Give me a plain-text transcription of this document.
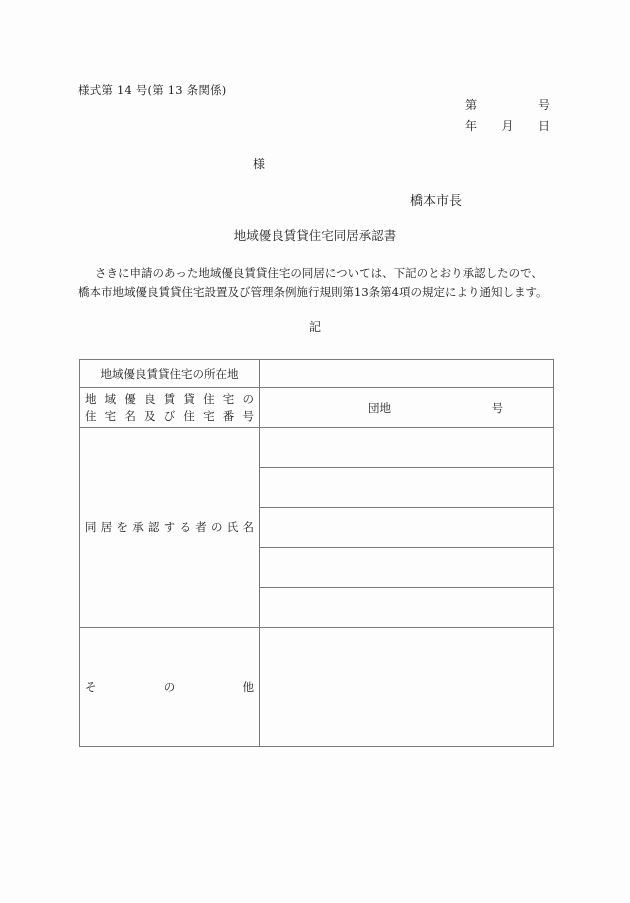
様式第 14 号(第 13 条関係)
第	号
年 月 日
様
橋本市長
地域優良賃貸住宅同居承認書
さきに申請のあった地域優良賃貸住宅の同居については、下記のとおり承認したので、
橋本市地域優良賃貸住宅設置及び管理条例施行規則第13条第4項の規定により通知します。
記
地域優良賃貸住宅の所在地	

地 域 優 良 賃 貸 住 宅 の
住 宅 名 及 び 住 宅 番 号	団地 号

同 居 を 承 認 す る 者 の 氏 名	

そ の 他	
